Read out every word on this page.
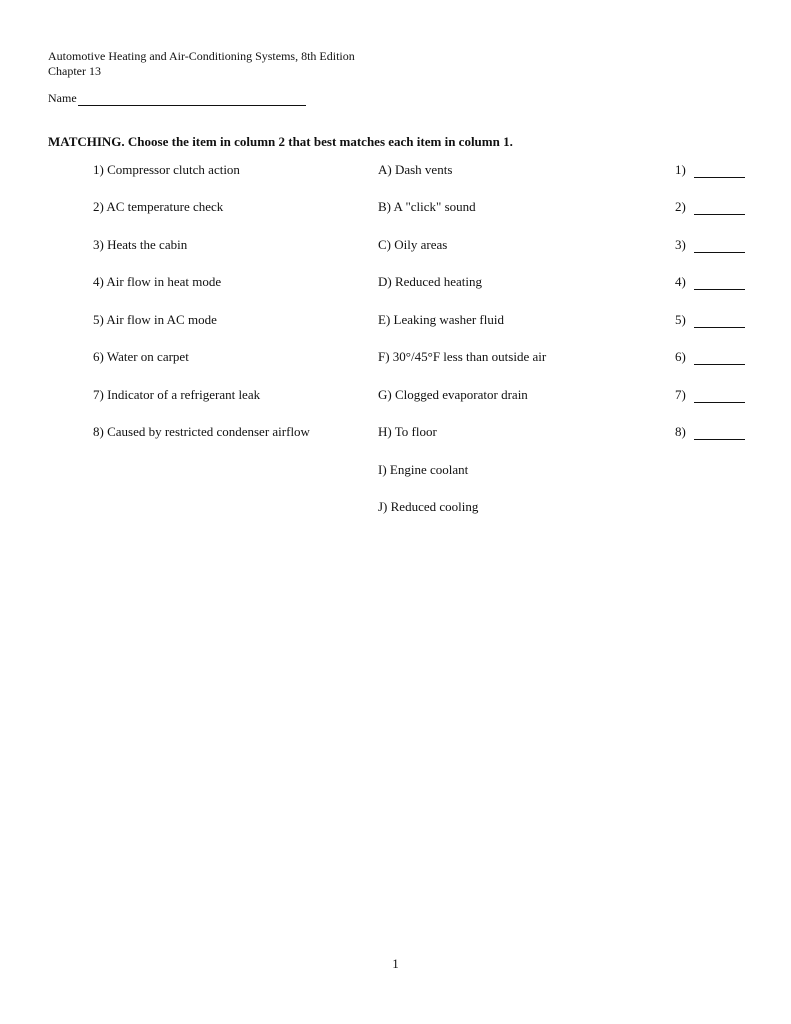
Automotive Heating and Air-Conditioning Systems, 8th Edition
Chapter 13
Name
MATCHING. Choose the item in column 2 that best matches each item in column 1.
1) Compressor clutch action	A) Dash vents	1)
2) AC temperature check	B) A "click" sound	2)
3) Heats the cabin	C) Oily areas	3)
4) Air flow in heat mode	D) Reduced heating	4)
5) Air flow in AC mode	E) Leaking washer fluid	5)
6) Water on carpet	F) 30°/45°F less than outside air	6)
7) Indicator of a refrigerant leak	G) Clogged evaporator drain	7)
8) Caused by restricted condenser airflow	H) To floor	8)
I) Engine coolant
J) Reduced cooling
1
